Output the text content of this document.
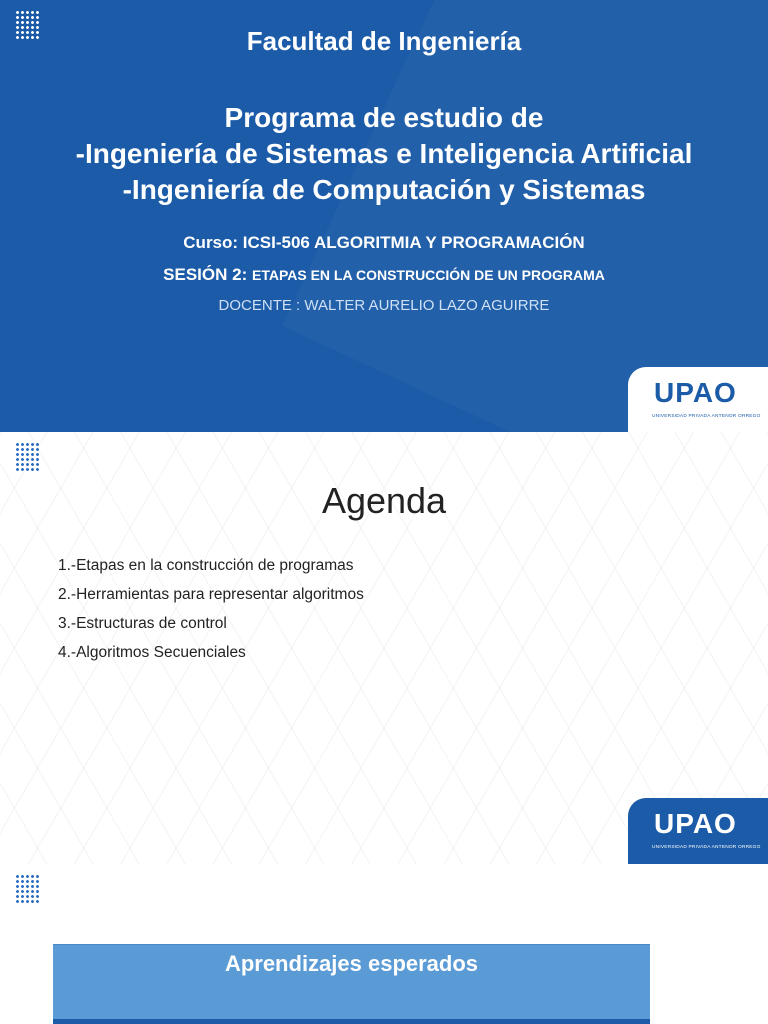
Facultad de Ingeniería
Programa de estudio de
-Ingeniería de Sistemas e Inteligencia Artificial
-Ingeniería de Computación y Sistemas

Curso: ICSI-506 ALGORITMIA Y PROGRAMACIÓN

SESIÓN 2: ETAPAS EN LA CONSTRUCCIÓN DE UN PROGRAMA

DOCENTE : WALTER AURELIO LAZO AGUIRRE

UPAO
UNIVERSIDAD PRIVADA ANTENOR ORREGO
Agenda
1.-Etapas en la construcción de programas
2.-Herramientas para representar algoritmos
3.-Estructuras de control
4.-Algoritmos Secuenciales
UPAO
UNIVERSIDAD PRIVADA ANTENOR ORREGO
Aprendizajes esperados
